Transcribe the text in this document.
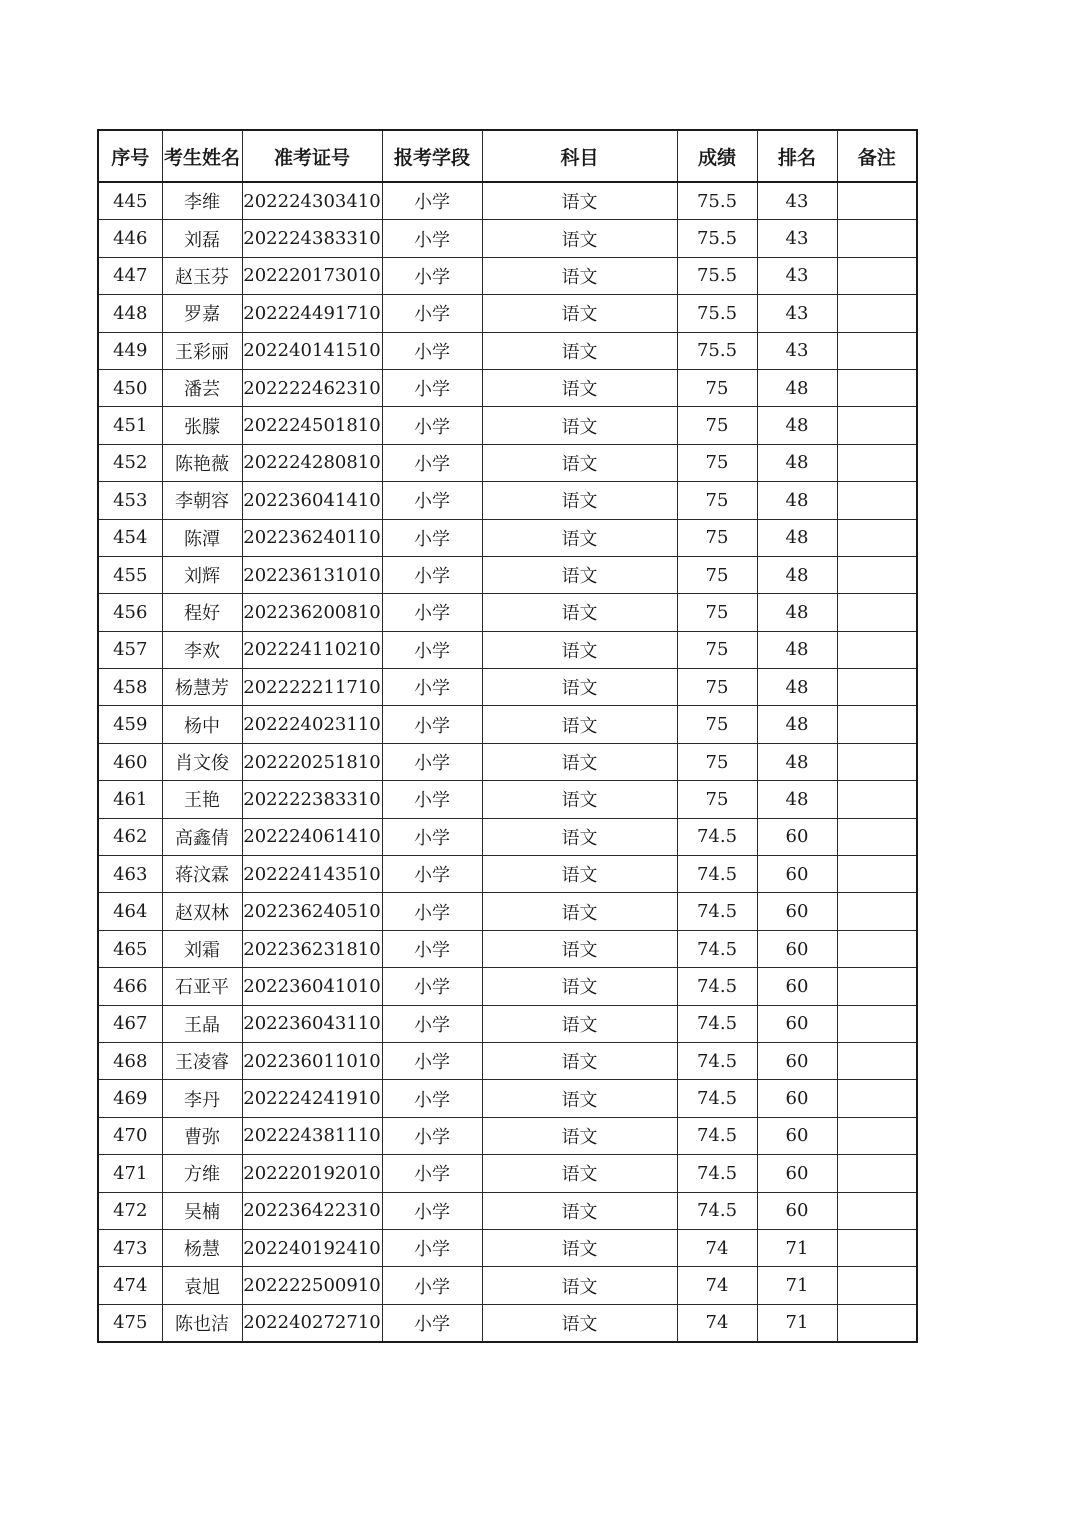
序号	考生姓名	准考证号	报考学段	科目	成绩	排名	备注
445	李维	202224303410	小学	语文	75.5	43	
446	刘磊	202224383310	小学	语文	75.5	43	
447	赵玉芬	202220173010	小学	语文	75.5	43	
448	罗嘉	202224491710	小学	语文	75.5	43	
449	王彩丽	202240141510	小学	语文	75.5	43	
450	潘芸	202222462310	小学	语文	75	48	
451	张朦	202224501810	小学	语文	75	48	
452	陈艳薇	202224280810	小学	语文	75	48	
453	李朝容	202236041410	小学	语文	75	48	
454	陈潭	202236240110	小学	语文	75	48	
455	刘辉	202236131010	小学	语文	75	48	
456	程好	202236200810	小学	语文	75	48	
457	李欢	202224110210	小学	语文	75	48	
458	杨慧芳	202222211710	小学	语文	75	48	
459	杨中	202224023110	小学	语文	75	48	
460	肖文俊	202220251810	小学	语文	75	48	
461	王艳	202222383310	小学	语文	75	48	
462	高鑫倩	202224061410	小学	语文	74.5	60	
463	蒋汶霖	202224143510	小学	语文	74.5	60	
464	赵双林	202236240510	小学	语文	74.5	60	
465	刘霜	202236231810	小学	语文	74.5	60	
466	石亚平	202236041010	小学	语文	74.5	60	
467	王晶	202236043110	小学	语文	74.5	60	
468	王凌睿	202236011010	小学	语文	74.5	60	
469	李丹	202224241910	小学	语文	74.5	60	
470	曹弥	202224381110	小学	语文	74.5	60	
471	方维	202220192010	小学	语文	74.5	60	
472	吴楠	202236422310	小学	语文	74.5	60	
473	杨慧	202240192410	小学	语文	74	71	
474	袁旭	202222500910	小学	语文	74	71	
475	陈也洁	202240272710	小学	语文	74	71	
